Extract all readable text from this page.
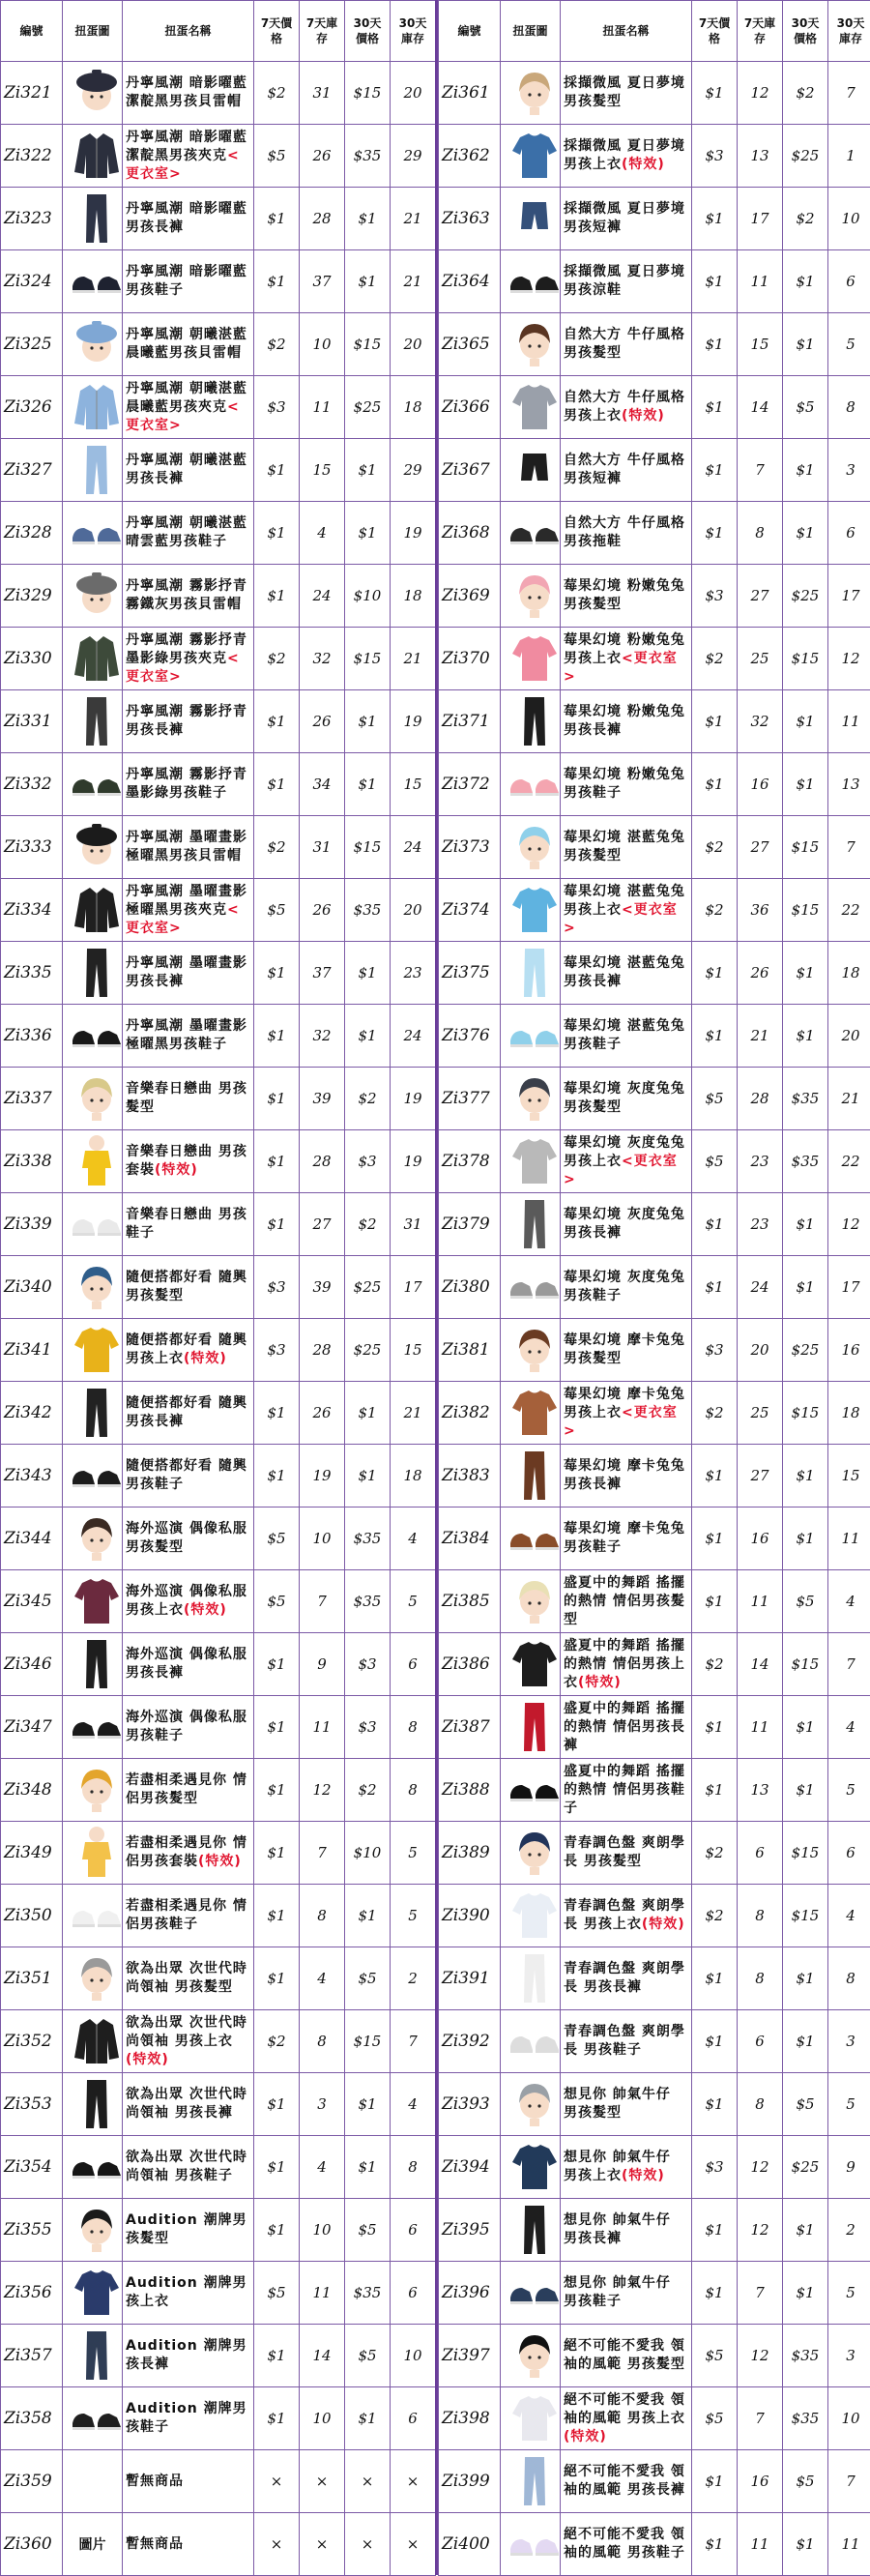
編號	扭蛋圖	扭蛋名稱	7天價格	7天庫存	30天價格	30天庫存
Zi321		丹寧風潮 暗影曜藍 潔靛黑男孩貝雷帽	$2	31	$15	20
Zi322		丹寧風潮 暗影曜藍 潔靛黑男孩夾克<更衣室>	$5	26	$35	29
Zi323		丹寧風潮 暗影曜藍 男孩長褲	$1	28	$1	21
Zi324		丹寧風潮 暗影曜藍男孩鞋子	$1	37	$1	21
Zi325		丹寧風潮 朝曦湛藍 晨曦藍男孩貝雷帽	$2	10	$15	20
Zi326		丹寧風潮 朝曦湛藍 晨曦藍男孩夾克<更衣室>	$3	11	$25	18
Zi327		丹寧風潮 朝曦湛藍 男孩長褲	$1	15	$1	29
Zi328		丹寧風潮 朝曦湛藍 晴雲藍男孩鞋子	$1	4	$1	19
Zi329		丹寧風潮 霧影抒青 霧鐵灰男孩貝雷帽	$1	24	$10	18
Zi330		丹寧風潮 霧影抒青 墨影綠男孩夾克<更衣室>	$2	32	$15	21
Zi331		丹寧風潮 霧影抒青 男孩長褲	$1	26	$1	19
Zi332		丹寧風潮 霧影抒青 墨影綠男孩鞋子	$1	34	$1	15
Zi333		丹寧風潮 墨曜畫影 極曜黑男孩貝雷帽	$2	31	$15	24
Zi334		丹寧風潮 墨曜畫影 極曜黑男孩夾克<更衣室>	$5	26	$35	20
Zi335		丹寧風潮 墨曜畫影 男孩長褲	$1	37	$1	23
Zi336		丹寧風潮 墨曜畫影 極曜黑男孩鞋子	$1	32	$1	24
Zi337		音樂春日戀曲 男孩髮型	$1	39	$2	19
Zi338		音樂春日戀曲 男孩套裝(特效)	$1	28	$3	19
Zi339		音樂春日戀曲 男孩鞋子	$1	27	$2	31
Zi340		隨便搭都好看 隨興男孩髮型	$3	39	$25	17
Zi341		隨便搭都好看 隨興男孩上衣(特效)	$3	28	$25	15
Zi342		隨便搭都好看 隨興男孩長褲	$1	26	$1	21
Zi343		隨便搭都好看 隨興男孩鞋子	$1	19	$1	18
Zi344		海外巡演 偶像私服 男孩髮型	$5	10	$35	4
Zi345		海外巡演 偶像私服 男孩上衣(特效)	$5	7	$35	5
Zi346		海外巡演 偶像私服 男孩長褲	$1	9	$3	6
Zi347		海外巡演 偶像私服 男孩鞋子	$1	11	$3	8
Zi348		若盡相柔遇見你 情侶男孩髮型	$1	12	$2	8
Zi349		若盡相柔遇見你 情侶男孩套裝(特效)	$1	7	$10	5
Zi350		若盡相柔遇見你 情侶男孩鞋子	$1	8	$1	5
Zi351		欲為出眾 次世代時尚領袖 男孩髮型	$1	4	$5	2
Zi352		欲為出眾 次世代時尚領袖 男孩上衣(特效)	$2	8	$15	7
Zi353		欲為出眾 次世代時尚領袖 男孩長褲	$1	3	$1	4
Zi354		欲為出眾 次世代時尚領袖 男孩鞋子	$1	4	$1	8
Zi355		Audition 潮牌男孩髮型	$1	10	$5	6
Zi356		Audition 潮牌男孩上衣	$5	11	$35	6
Zi357		Audition 潮牌男孩長褲	$1	14	$5	10
Zi358		Audition 潮牌男孩鞋子	$1	10	$1	6
Zi359		暫無商品	×	×	×	×
Zi360	圖片	暫無商品	×	×	×	×
編號	扭蛋圖	扭蛋名稱	7天價格	7天庫存	30天價格	30天庫存
Zi361		採擷微風 夏日夢境 男孩髮型	$1	12	$2	7
Zi362		採擷微風 夏日夢境 男孩上衣(特效)	$3	13	$25	1
Zi363		採擷微風 夏日夢境 男孩短褲	$1	17	$2	10
Zi364		採擷微風 夏日夢境 男孩涼鞋	$1	11	$1	6
Zi365		自然大方 牛仔風格 男孩髮型	$1	15	$1	5
Zi366		自然大方 牛仔風格 男孩上衣(特效)	$1	14	$5	8
Zi367		自然大方 牛仔風格 男孩短褲	$1	7	$1	3
Zi368		自然大方 牛仔風格 男孩拖鞋	$1	8	$1	6
Zi369		莓果幻境 粉嫩兔兔 男孩髮型	$3	27	$25	17
Zi370		莓果幻境 粉嫩兔兔 男孩上衣<更衣室>	$2	25	$15	12
Zi371		莓果幻境 粉嫩兔兔 男孩長褲	$1	32	$1	11
Zi372		莓果幻境 粉嫩兔兔 男孩鞋子	$1	16	$1	13
Zi373		莓果幻境 湛藍兔兔 男孩髮型	$2	27	$15	7
Zi374		莓果幻境 湛藍兔兔 男孩上衣<更衣室>	$2	36	$15	22
Zi375		莓果幻境 湛藍兔兔 男孩長褲	$1	26	$1	18
Zi376		莓果幻境 湛藍兔兔 男孩鞋子	$1	21	$1	20
Zi377		莓果幻境 灰度兔兔 男孩髮型	$5	28	$35	21
Zi378		莓果幻境 灰度兔兔 男孩上衣<更衣室>	$5	23	$35	22
Zi379		莓果幻境 灰度兔兔 男孩長褲	$1	23	$1	12
Zi380		莓果幻境 灰度兔兔 男孩鞋子	$1	24	$1	17
Zi381		莓果幻境 摩卡兔兔 男孩髮型	$3	20	$25	16
Zi382		莓果幻境 摩卡兔兔 男孩上衣<更衣室>	$2	25	$15	18
Zi383		莓果幻境 摩卡兔兔 男孩長褲	$1	27	$1	15
Zi384		莓果幻境 摩卡兔兔 男孩鞋子	$1	16	$1	11
Zi385		盛夏中的舞蹈 搖擺的熱情 情侶男孩髮型	$1	11	$5	4
Zi386		盛夏中的舞蹈 搖擺的熱情 情侶男孩上衣(特效)	$2	14	$15	7
Zi387		盛夏中的舞蹈 搖擺的熱情 情侶男孩長褲	$1	11	$1	4
Zi388		盛夏中的舞蹈 搖擺的熱情 情侶男孩鞋子	$1	13	$1	5
Zi389		青春調色盤 爽朗學長 男孩髮型	$2	6	$15	6
Zi390		青春調色盤 爽朗學長 男孩上衣(特效)	$2	8	$15	4
Zi391		青春調色盤 爽朗學長 男孩長褲	$1	8	$1	8
Zi392		青春調色盤 爽朗學長 男孩鞋子	$1	6	$1	3
Zi393		想見你 帥氣牛仔 男孩髮型	$1	8	$5	5
Zi394		想見你 帥氣牛仔 男孩上衣(特效)	$3	12	$25	9
Zi395		想見你 帥氣牛仔 男孩長褲	$1	12	$1	2
Zi396		想見你 帥氣牛仔 男孩鞋子	$1	7	$1	5
Zi397		絕不可能不愛我 領袖的風範 男孩髮型	$5	12	$35	3
Zi398		絕不可能不愛我 領袖的風範 男孩上衣(特效)	$5	7	$35	10
Zi399		絕不可能不愛我 領袖的風範 男孩長褲	$1	16	$5	7
Zi400		絕不可能不愛我 領袖的風範 男孩鞋子	$1	11	$1	11
